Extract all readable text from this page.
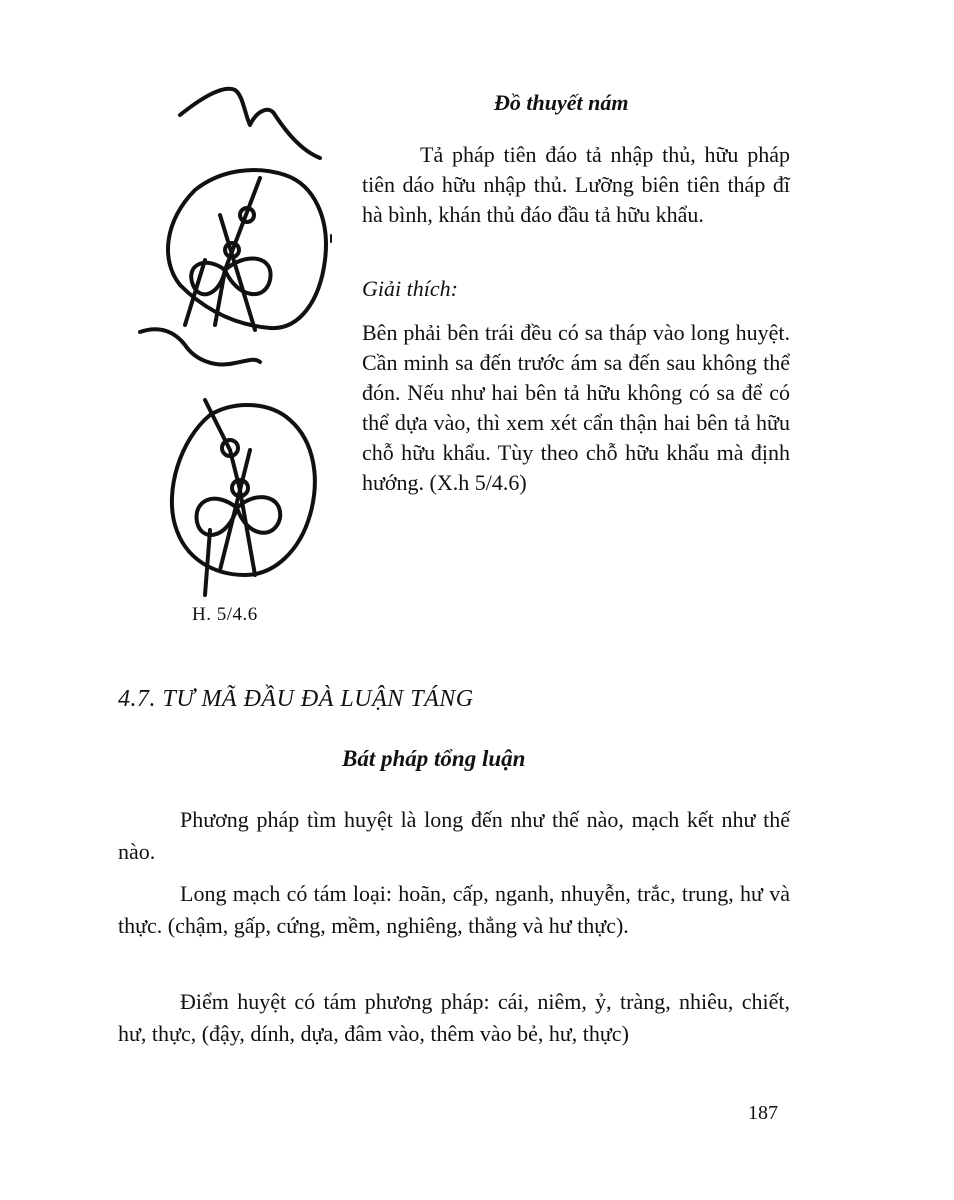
H. 5/4.6
Đồ thuyết nám

Tả pháp tiên đáo tả nhập thủ, hữu pháp tiên dáo hữu nhập thủ. Lưỡng biên tiên tháp đĩ hà bình, khán thủ đáo đầu tả hữu khẩu.

Giải thích:

Bên phải bên trái đều có sa tháp vào long huyệt. Cần minh sa đến trước ám sa đến sau không thể đón. Nếu như hai bên tả hữu không có sa để có thể dựa vào, thì xem xét cẩn thận hai bên tả hữu chỗ hữu khẩu. Tùy theo chỗ hữu khẩu mà định hướng. (X.h 5/4.6)

4.7. TƯ MÃ ĐẦU ĐÀ LUẬN TÁNG
Bát pháp tổng luận

Phương pháp tìm huyệt là long đến như thế nào, mạch kết như thế nào.

Long mạch có tám loại: hoãn, cấp, nganh, nhuyễn, trắc, trung, hư và thực. (chậm, gấp, cứng, mềm, nghiêng, thẳng và hư thực).

Điểm huyệt có tám phương pháp: cái, niêm, ỷ, tràng, nhiêu, chiết, hư, thực, (đậy, dính, dựa, đâm vào, thêm vào bẻ, hư, thực)

187
